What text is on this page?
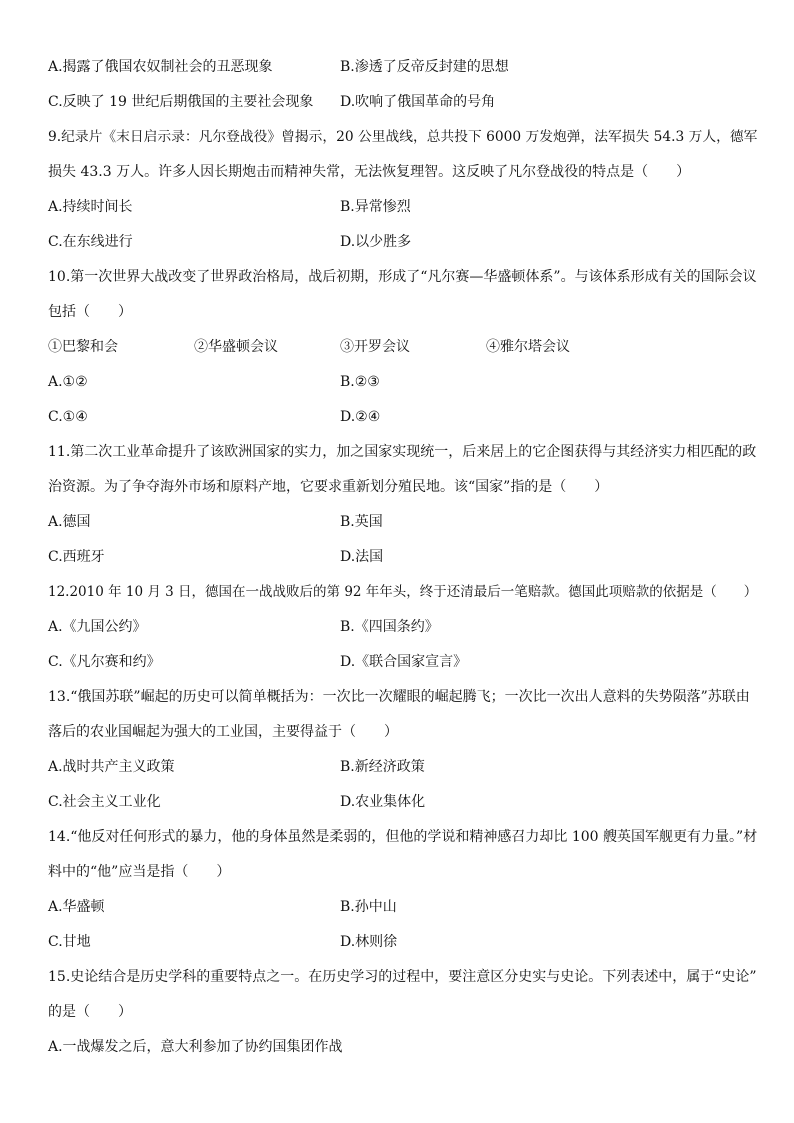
A.揭露了俄国农奴制社会的丑恶现象	B.渗透了反帝反封建的思想
C.反映了 19 世纪后期俄国的主要社会现象 D.吹响了俄国革命的号角
9.纪录片《末日启示录：凡尔登战役》曾揭示，20 公里战线，总共投下 6000 万发炮弹，法军损失 54.3 万人，德军
损失 43.3 万人。许多人因长期炮击而精神失常，无法恢复理智。这反映了凡尔登战役的特点是（　　）
A.持续时间长	B.异常惨烈
C.在东线进行	D.以少胜多
10.第一次世界大战改变了世界政治格局，战后初期，形成了“凡尔赛—华盛顿体系”。与该体系形成有关的国际会议
包括（　　）
①巴黎和会	②华盛顿会议	③开罗会议	④雅尔塔会议
A.①②	B.②③
C.①④	D.②④
11.第二次工业革命提升了该欧洲国家的实力，加之国家实现统一，后来居上的它企图获得与其经济实力相匹配的政
治资源。为了争夺海外市场和原料产地，它要求重新划分殖民地。该“国家”指的是（　　）
A.德国	B.英国
C.西班牙	D.法国
12.2010 年 10 月 3 日，德国在一战战败后的第 92 年年头，终于还清最后一笔赔款。德国此项赔款的依据是（　　）
A.《九国公约》	B.《四国条约》
C.《凡尔赛和约》	D.《联合国家宣言》
13.“俄国苏联”崛起的历史可以简单概括为：一次比一次耀眼的崛起腾飞；一次比一次出人意料的失势陨落”苏联由
落后的农业国崛起为强大的工业国，主要得益于（　　）
A.战时共产主义政策	B.新经济政策
C.社会主义工业化	D.农业集体化
14.“他反对任何形式的暴力，他的身体虽然是柔弱的，但他的学说和精神感召力却比 100 艘英国军舰更有力量。”材
料中的“他”应当是指（　　）
A.华盛顿	B.孙中山
C.甘地	D.林则徐
15.史论结合是历史学科的重要特点之一。在历史学习的过程中，要注意区分史实与史论。下列表述中，属于“史论”
的是（　　）
A.一战爆发之后，意大利参加了协约国集团作战
